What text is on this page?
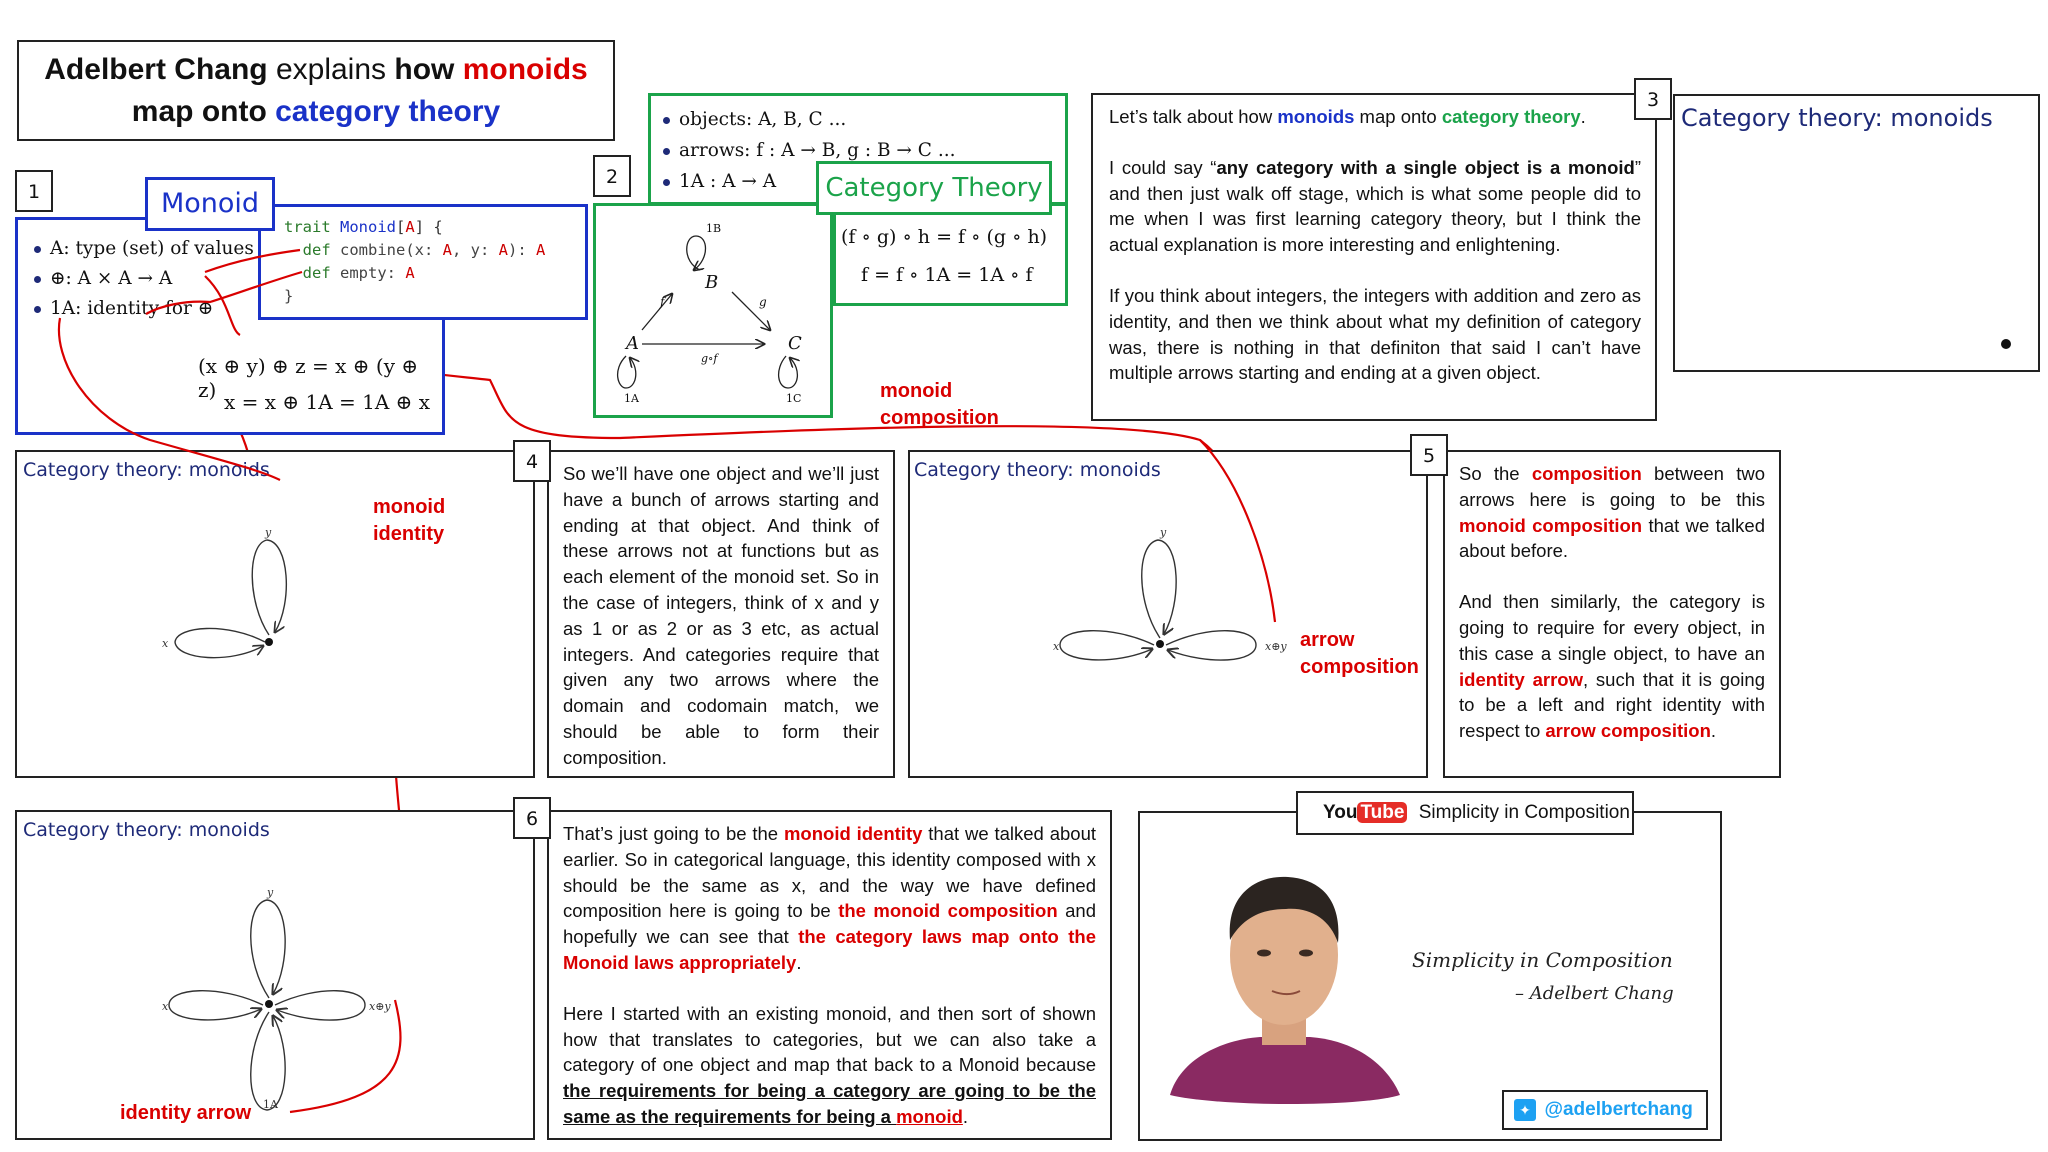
Adelbert Chang explains how monoids
map onto category theory
A: type (set) of values
⊕: A × A → A
1A: identity for ⊕
(x ⊕ y) ⊕ z = x ⊕ (y ⊕ z) x = x ⊕ 1A = 1A ⊕ x
trait Monoid[A] {
def combine(x: A, y: A): A
def empty: A
}
Monoid
1
objects: A, B, C ...
arrows: f : A → B, g : B → C ...
1A : A → A
B
A	C
f	g
g∘f
1B
1A	1C
(f ∘ g) ∘ h = f ∘ (g ∘ h)
f = f ∘ 1A = 1A ∘ f
Category Theory
2

Let’s talk about how monoids map onto category theory.

I could say “any category with a single object is a monoid” and then just walk off stage, which is what some people did to me when I was first learning category theory, but I think the actual explanation is more interesting and enlightening.

If you think about integers, the integers with addition and zero as identity, and then we think about what my definition of category was, there is nothing in that definiton that said I can’t have multiple arrows starting and ending at a given object.

Category theory: monoids
3
Category theory: monoids
y
x

So we’ll have one object and we’ll just have a bunch of arrows starting and ending at that object. And think of these arrows not at functions but as each element of the monoid set. So in the case of integers, think of x and y as 1 or as 2 or as 3 etc, as actual integers. And categories require that given any two arrows where the domain and codomain match, we should be able to form their composition.

4	Category theory: monoids
y
x	x⊕y

So the composition between two arrows here is going to be this monoid composition that we talked about before.

And then similarly, the category is going to require for every object, in this case a single object, to have an identity arrow, such that it is going to be a left and right identity with respect to arrow composition.

5
Category theory: monoids
y
x	x⊕y
1A

That’s just going to be the monoid identity that we talked about earlier. So in categorical language, this identity composed with x should be the same as x, and the way we have defined composition here is going to be the monoid composition and hopefully we can see that the category laws map onto the Monoid laws appropriately.

Here I started with an existing monoid, and then sort of shown how that translates to categories, but we can also take a category of one object and map that back to a Monoid because the requirements for being a category are going to be the same as the requirements for being a monoid.

6
Simplicity in Composition
– Adelbert Chang
✦ @adelbertchang
You Tube Simplicity in Composition
monoid
composition
monoid
identity
arrow
composition
identity arrow
